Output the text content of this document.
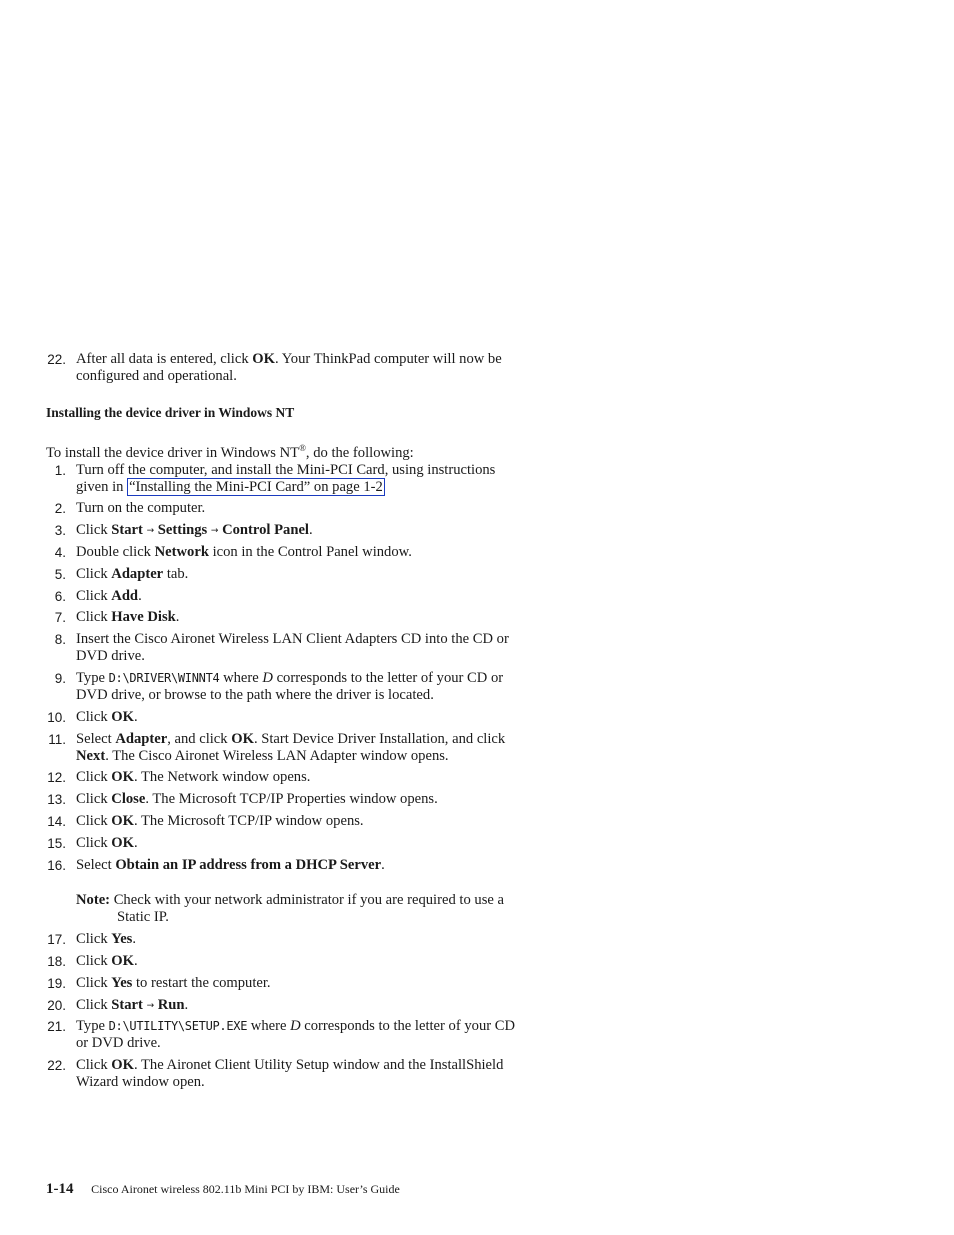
22. After all data is entered, click OK. Your ThinkPad computer will now be
configured and operational.
Installing the device driver in Windows NT
To install the device driver in Windows NT®, do the following:
1. Turn off the computer, and install the Mini-PCI Card, using instructions
given in “Installing the Mini-PCI Card” on page 1-2
2. Turn on the computer.
3. Click Start → Settings → Control Panel.
4. Double click Network icon in the Control Panel window.
5. Click Adapter tab.
6. Click Add.
7. Click Have Disk.
8. Insert the Cisco Aironet Wireless LAN Client Adapters CD into the CD or
DVD drive.
9. Type D:\DRIVER\WINNT4 where D corresponds to the letter of your CD or
DVD drive, or browse to the path where the driver is located.
10. Click OK.
11. Select Adapter, and click OK. Start Device Driver Installation, and click
Next. The Cisco Aironet Wireless LAN Adapter window opens.
12. Click OK. The Network window opens.
13. Click Close. The Microsoft TCP/IP Properties window opens.
14. Click OK. The Microsoft TCP/IP window opens.
15. Click OK.
16. Select Obtain an IP address from a DHCP Server.
Note: Check with your network administrator if you are required to use a
Static IP.
17. Click Yes.
18. Click OK.
19. Click Yes to restart the computer.
20. Click Start → Run.
21. Type D:\UTILITY\SETUP.EXE where D corresponds to the letter of your CD
or DVD drive.
22. Click OK. The Aironet Client Utility Setup window and the InstallShield
Wizard window open.
1-14 Cisco Aironet wireless 802.11b Mini PCI by IBM: User’s Guide
